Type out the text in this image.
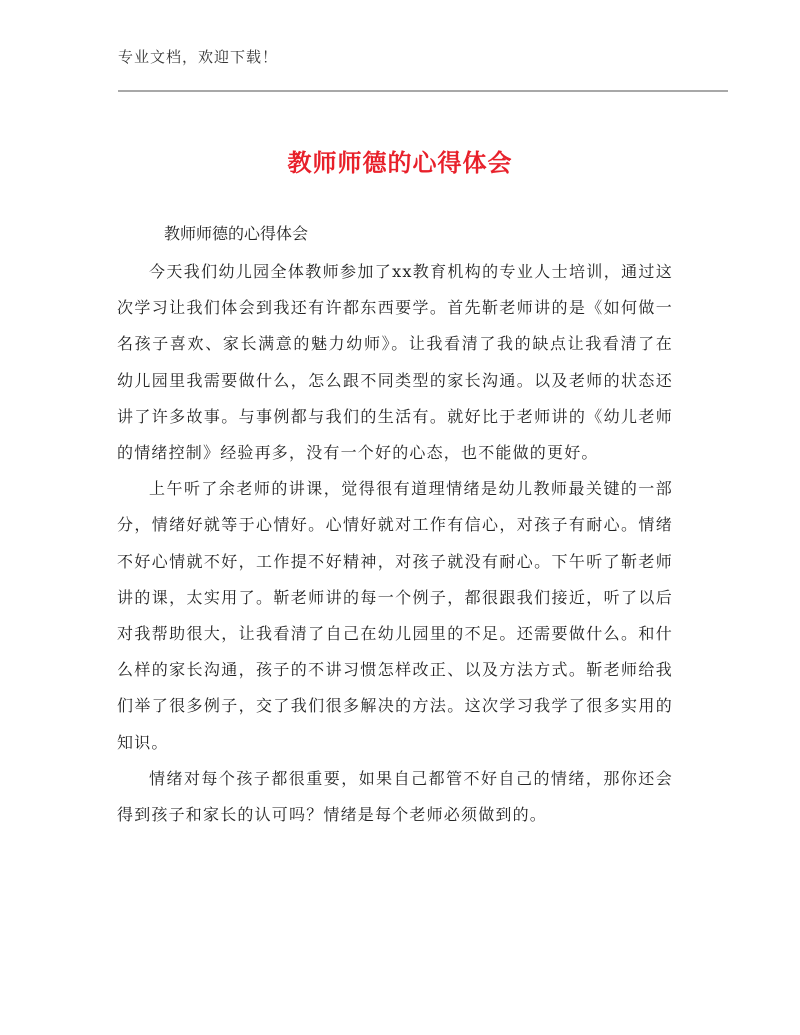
专业文档，欢迎下载！
教师师德的心得体会
教师师德的心得体会

今天我们幼儿园全体教师参加了xx教育机构的专业人士培训，通过这次学习让我们体会到我还有许都东西要学。首先靳老师讲的是《如何做一名孩子喜欢、家长满意的魅力幼师》。让我看清了我的缺点让我看清了在幼儿园里我需要做什么，怎么跟不同类型的家长沟通。以及老师的状态还讲了许多故事。与事例都与我们的生活有。就好比于老师讲的《幼儿老师的情绪控制》经验再多，没有一个好的心态，也不能做的更好。

上午听了余老师的讲课，觉得很有道理情绪是幼儿教师最关键的一部分，情绪好就等于心情好。心情好就对工作有信心，对孩子有耐心。情绪不好心情就不好，工作提不好精神，对孩子就没有耐心。下午听了靳老师讲的课，太实用了。靳老师讲的每一个例子，都很跟我们接近，听了以后对我帮助很大，让我看清了自己在幼儿园里的不足。还需要做什么。和什么样的家长沟通，孩子的不讲习惯怎样改正、以及方法方式。靳老师给我们举了很多例子，交了我们很多解决的方法。这次学习我学了很多实用的知识。

情绪对每个孩子都很重要，如果自己都管不好自己的情绪，那你还会得到孩子和家长的认可吗？情绪是每个老师必须做到的。
